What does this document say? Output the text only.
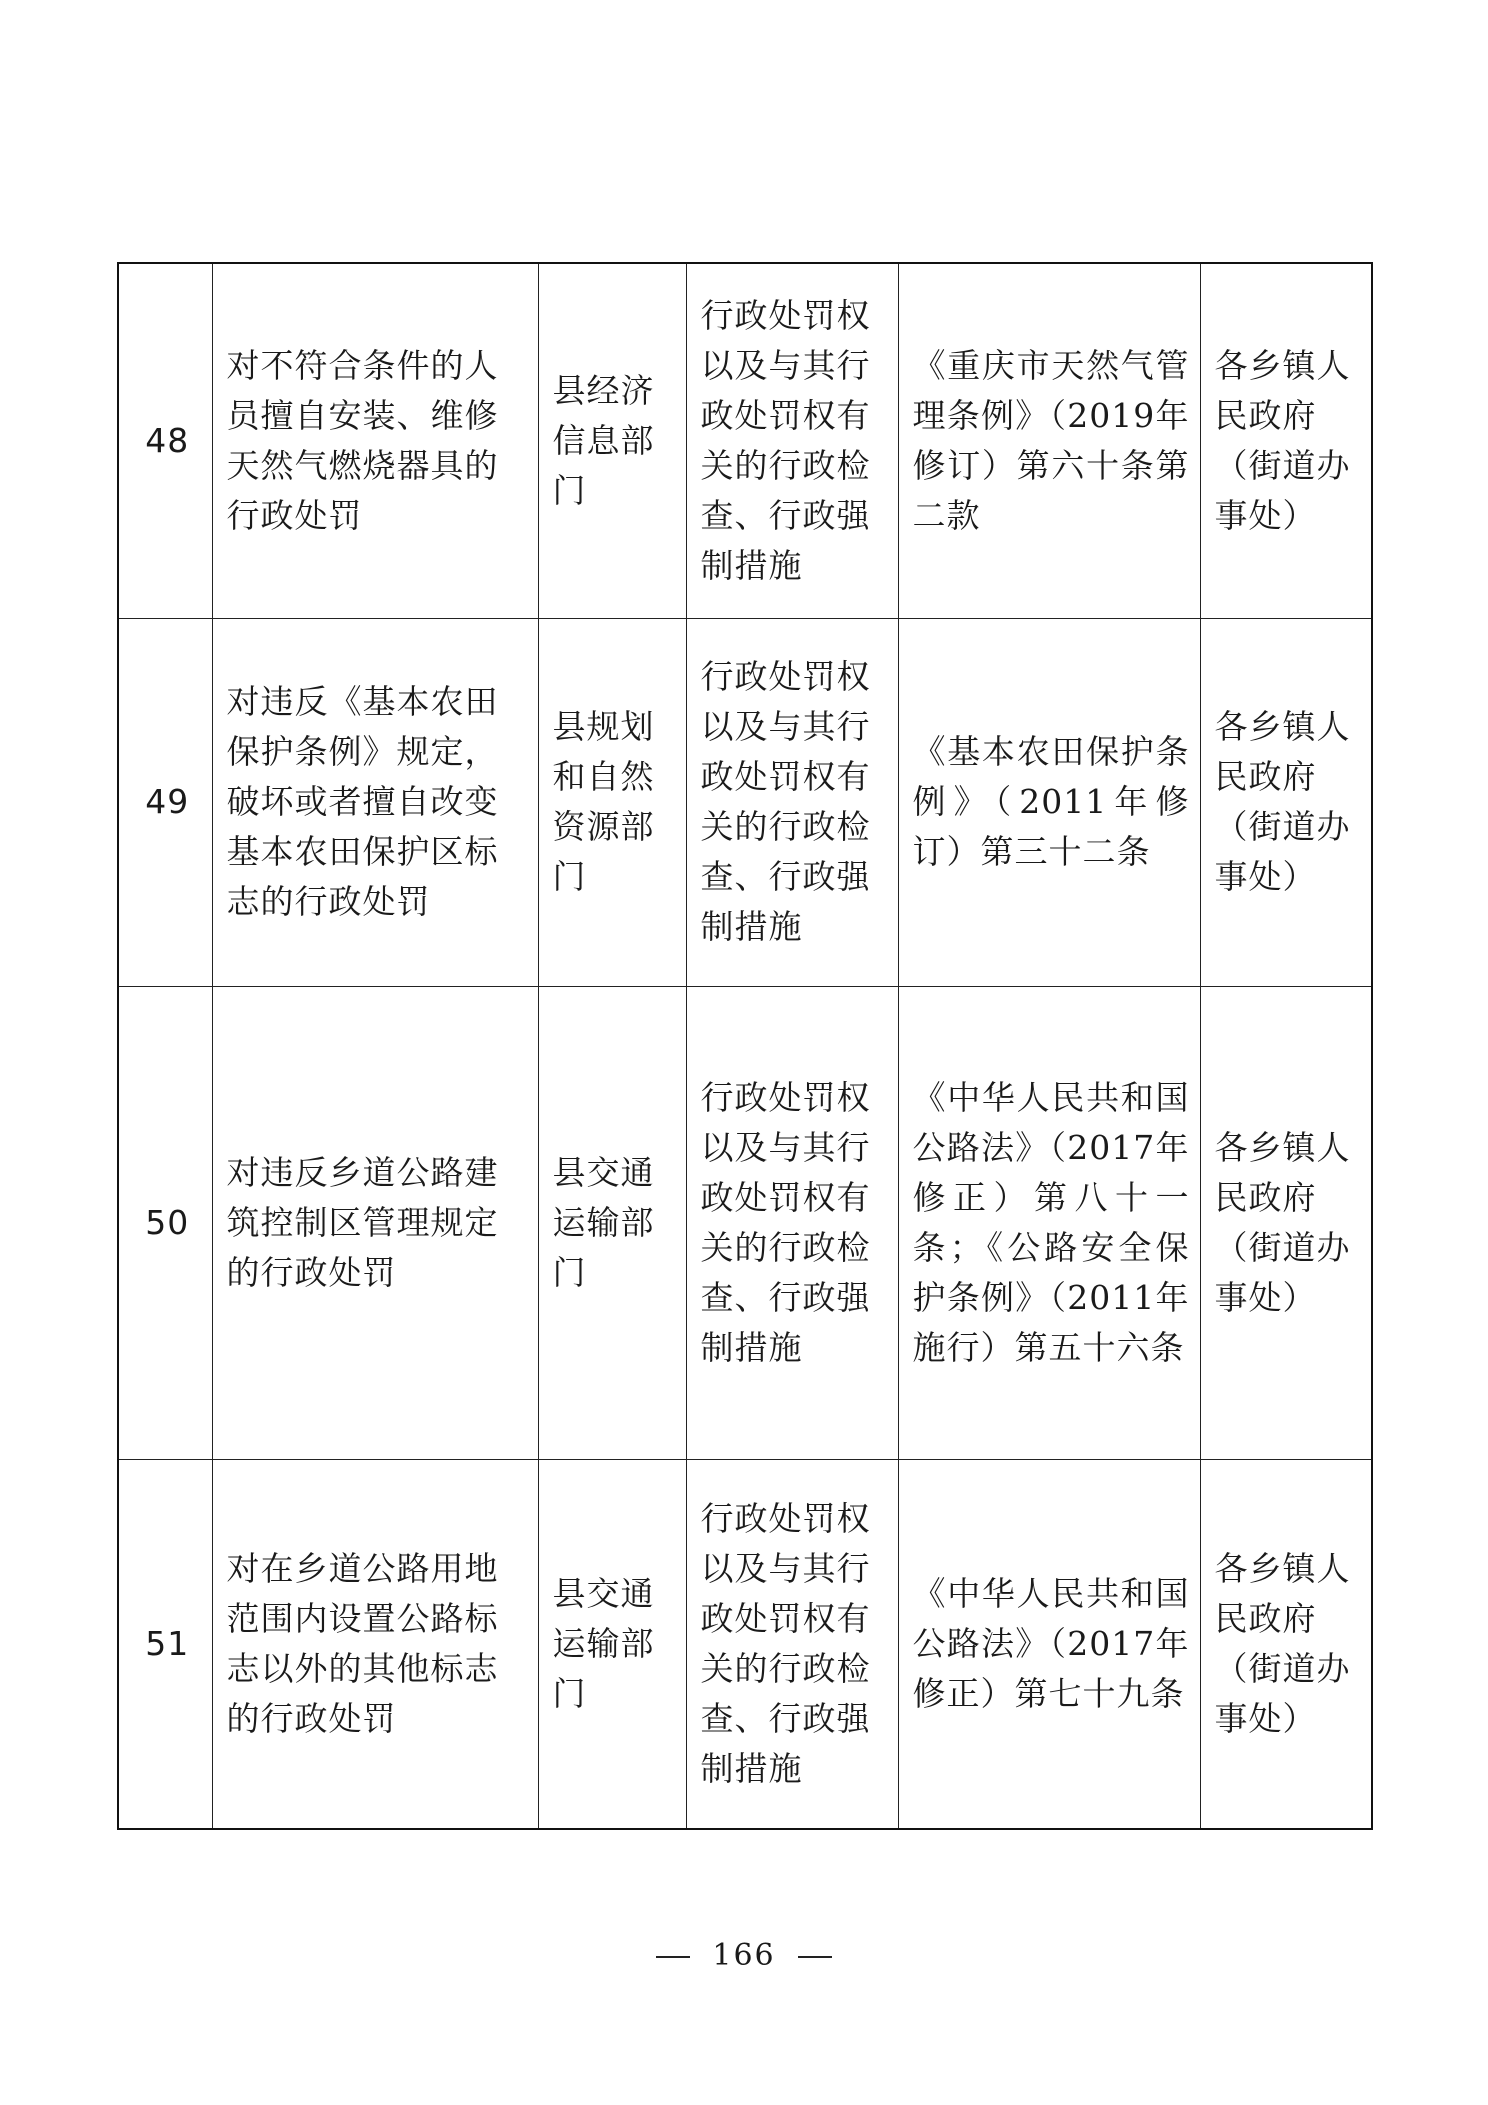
48	对不符合条件的人员擅自安装、维修天然气燃烧器具的行政处罚	县经济信息部门	行政处罚权以及与其行政处罚权有关的行政检查、行政强制措施	《重庆市天然气管理条例》（2019年修订）第六十条第二款	各乡镇人民政府（街道办事处）
49	对违反《基本农田保护条例》规定，破坏或者擅自改变基本农田保护区标志的行政处罚	县规划和自然资源部门	行政处罚权以及与其行政处罚权有关的行政检查、行政强制措施	《基本农田保护条例》（2011年修订）第三十二条	各乡镇人民政府（街道办事处）
50	对违反乡道公路建筑控制区管理规定的行政处罚	县交通运输部门	行政处罚权以及与其行政处罚权有关的行政检查、行政强制措施	《中华人民共和国公路法》（2017年修正）第八十一条；《公路安全保护条例》（2011年施行）第五十六条	各乡镇人民政府（街道办事处）
51	对在乡道公路用地范围内设置公路标志以外的其他标志的行政处罚	县交通运输部门	行政处罚权以及与其行政处罚权有关的行政检查、行政强制措施	《中华人民共和国公路法》（2017年修正）第七十九条	各乡镇人民政府（街道办事处）
166
